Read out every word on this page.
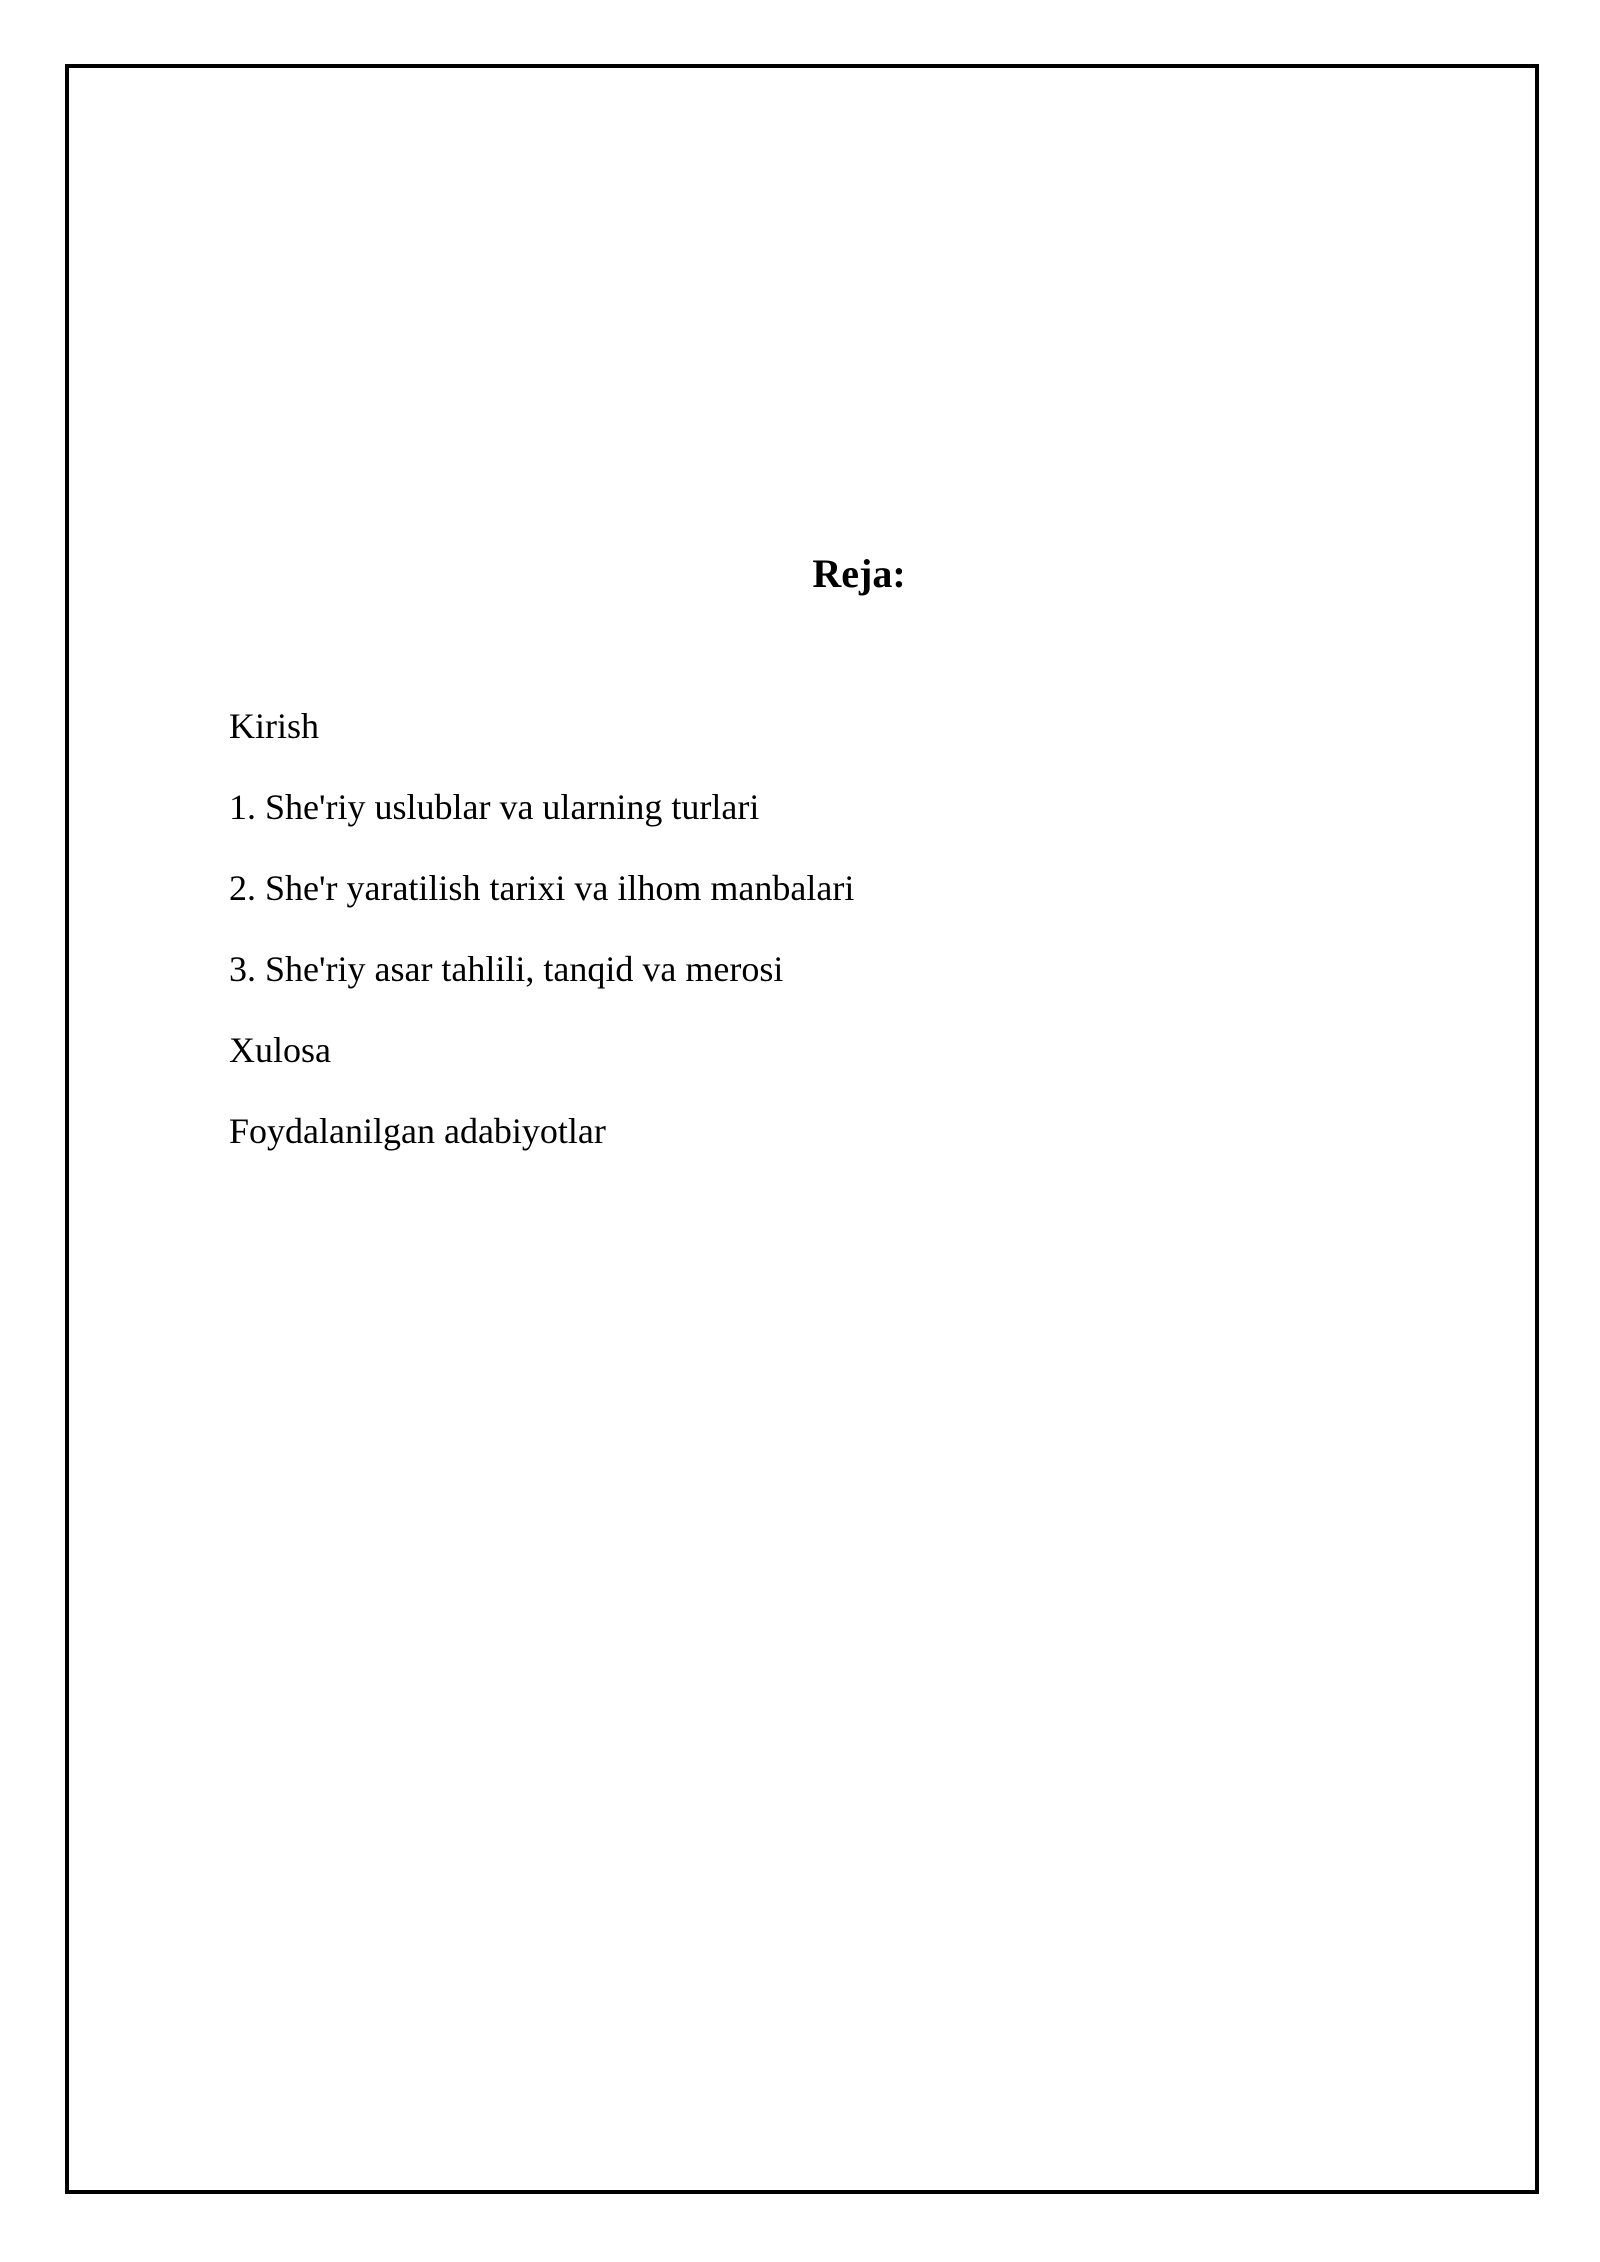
Reja:
Kirish
1. She'riy uslublar va ularning turlari
2. She'r yaratilish tarixi va ilhom manbalari
3. She'riy asar tahlili, tanqid va merosi
Xulosa
Foydalanilgan adabiyotlar
